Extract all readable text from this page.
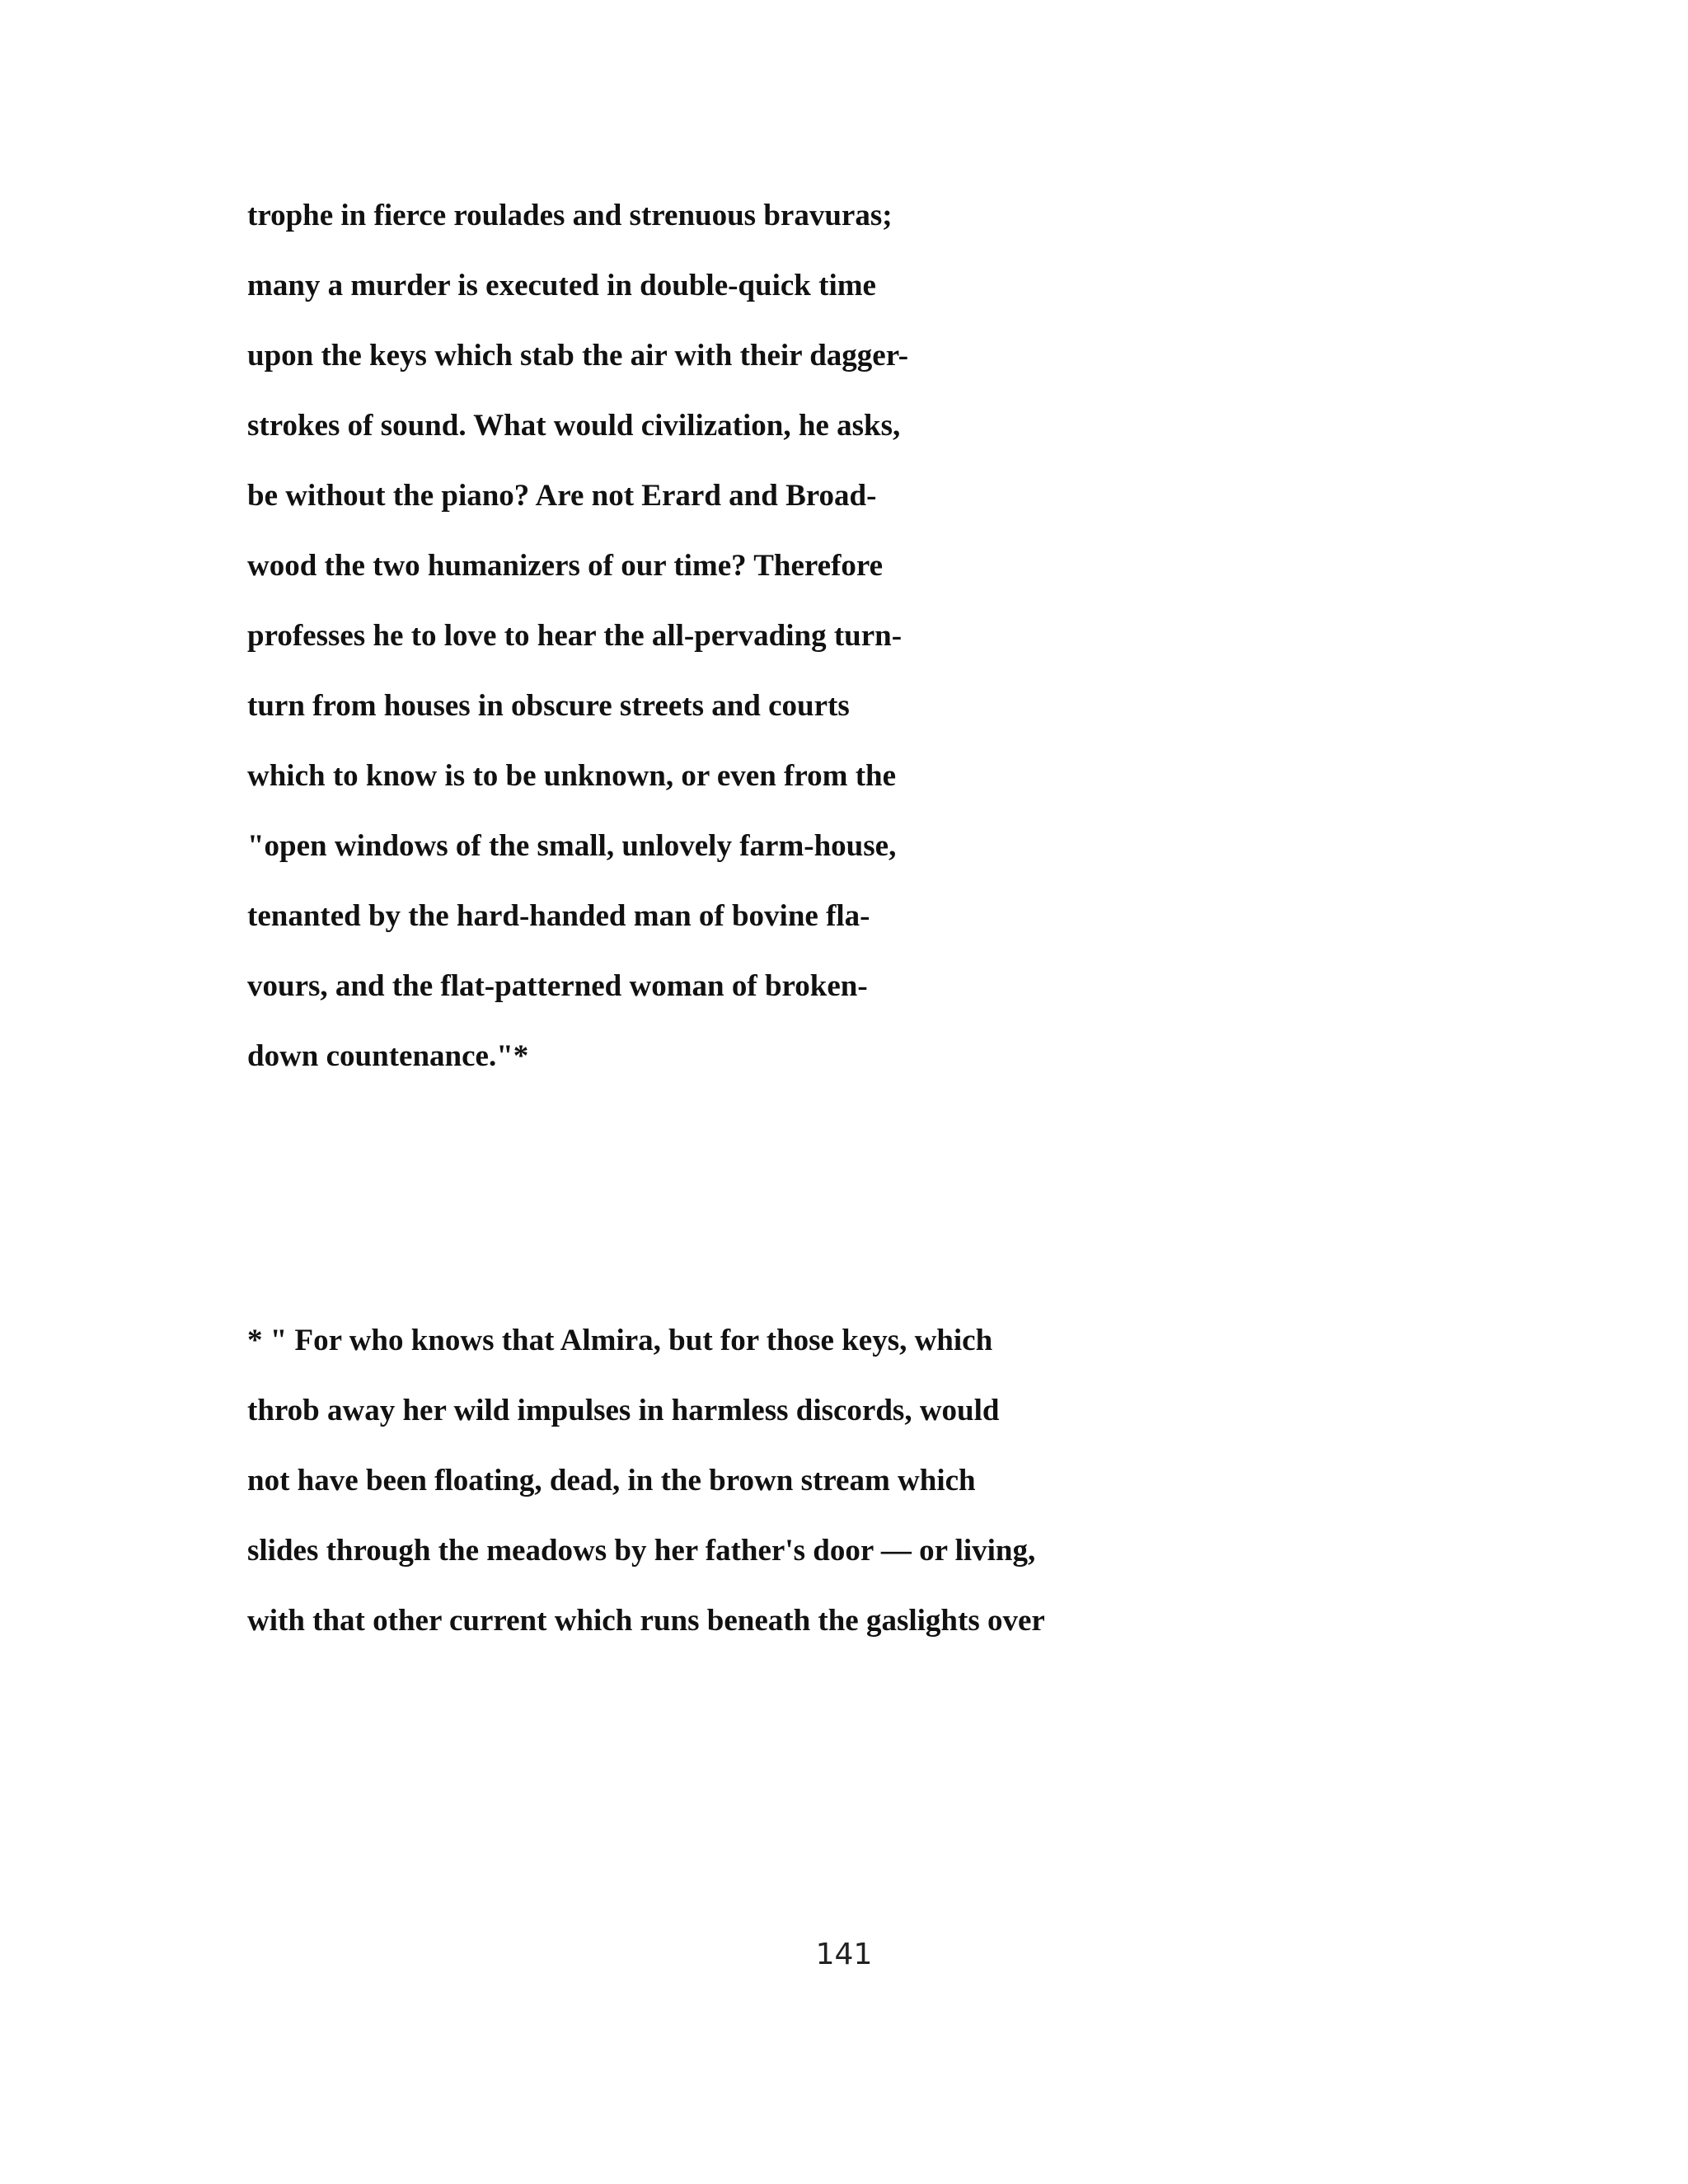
trophe in fierce roulades and strenuous bravuras;

many a murder is executed in double-quick time

upon the keys which stab the air with their dagger-

strokes of sound. What would civilization, he asks,

be without the piano? Are not Erard and Broad-

wood the two humanizers of our time? Therefore

professes he to love to hear the all-pervading turn-

turn from houses in obscure streets and courts

which to know is to be unknown, or even from the

"open windows of the small, unlovely farm-house,

tenanted by the hard-handed man of bovine fla-

vours, and the flat-patterned woman of broken-

down countenance."*

* " For who knows that Almira, but for those keys, which

throb away her wild impulses in harmless discords, would

not have been floating, dead, in the brown stream which

slides through the meadows by her father's door — or living,

with that other current which runs beneath the gaslights over

141
